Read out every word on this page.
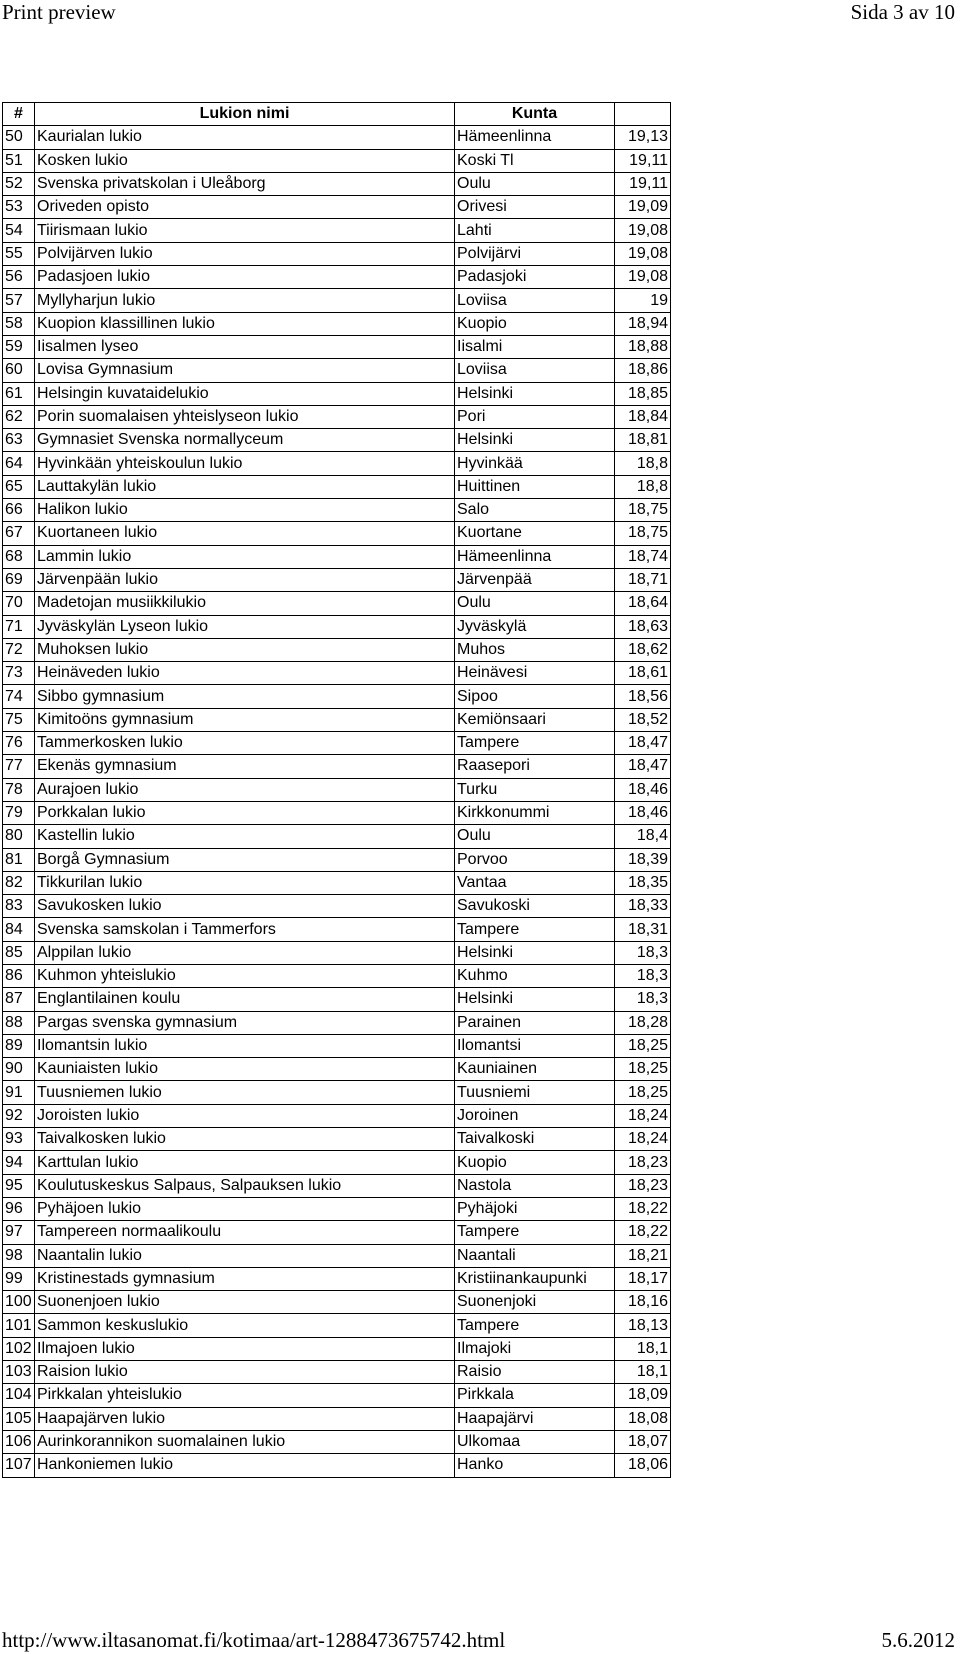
Print preview	Sida 3 av 10
#	Lukion nimi	Kunta	
50	Kaurialan lukio	Hämeenlinna	19,13
51	Kosken lukio	Koski Tl	19,11
52	Svenska privatskolan i Uleåborg	Oulu	19,11
53	Oriveden opisto	Orivesi	19,09
54	Tiirismaan lukio	Lahti	19,08
55	Polvijärven lukio	Polvijärvi	19,08
56	Padasjoen lukio	Padasjoki	19,08
57	Myllyharjun lukio	Loviisa	19
58	Kuopion klassillinen lukio	Kuopio	18,94
59	Iisalmen lyseo	Iisalmi	18,88
60	Lovisa Gymnasium	Loviisa	18,86
61	Helsingin kuvataidelukio	Helsinki	18,85
62	Porin suomalaisen yhteislyseon lukio	Pori	18,84
63	Gymnasiet Svenska normallyceum	Helsinki	18,81
64	Hyvinkään yhteiskoulun lukio	Hyvinkää	18,8
65	Lauttakylän lukio	Huittinen	18,8
66	Halikon lukio	Salo	18,75
67	Kuortaneen lukio	Kuortane	18,75
68	Lammin lukio	Hämeenlinna	18,74
69	Järvenpään lukio	Järvenpää	18,71
70	Madetojan musiikkilukio	Oulu	18,64
71	Jyväskylän Lyseon lukio	Jyväskylä	18,63
72	Muhoksen lukio	Muhos	18,62
73	Heinäveden lukio	Heinävesi	18,61
74	Sibbo gymnasium	Sipoo	18,56
75	Kimitoöns gymnasium	Kemiönsaari	18,52
76	Tammerkosken lukio	Tampere	18,47
77	Ekenäs gymnasium	Raasepori	18,47
78	Aurajoen lukio	Turku	18,46
79	Porkkalan lukio	Kirkkonummi	18,46
80	Kastellin lukio	Oulu	18,4
81	Borgå Gymnasium	Porvoo	18,39
82	Tikkurilan lukio	Vantaa	18,35
83	Savukosken lukio	Savukoski	18,33
84	Svenska samskolan i Tammerfors	Tampere	18,31
85	Alppilan lukio	Helsinki	18,3
86	Kuhmon yhteislukio	Kuhmo	18,3
87	Englantilainen koulu	Helsinki	18,3
88	Pargas svenska gymnasium	Parainen	18,28
89	Ilomantsin lukio	Ilomantsi	18,25
90	Kauniaisten lukio	Kauniainen	18,25
91	Tuusniemen lukio	Tuusniemi	18,25
92	Joroisten lukio	Joroinen	18,24
93	Taivalkosken lukio	Taivalkoski	18,24
94	Karttulan lukio	Kuopio	18,23
95	Koulutuskeskus Salpaus, Salpauksen lukio	Nastola	18,23
96	Pyhäjoen lukio	Pyhäjoki	18,22
97	Tampereen normaalikoulu	Tampere	18,22
98	Naantalin lukio	Naantali	18,21
99	Kristinestads gymnasium	Kristiinankaupunki	18,17
100	Suonenjoen lukio	Suonenjoki	18,16
101	Sammon keskuslukio	Tampere	18,13
102	Ilmajoen lukio	Ilmajoki	18,1
103	Raision lukio	Raisio	18,1
104	Pirkkalan yhteislukio	Pirkkala	18,09
105	Haapajärven lukio	Haapajärvi	18,08
106	Aurinkorannikon suomalainen lukio	Ulkomaa	18,07
107	Hankoniemen lukio	Hanko	18,06
http://www.iltasanomat.fi/kotimaa/art-1288473675742.html	5.6.2012
